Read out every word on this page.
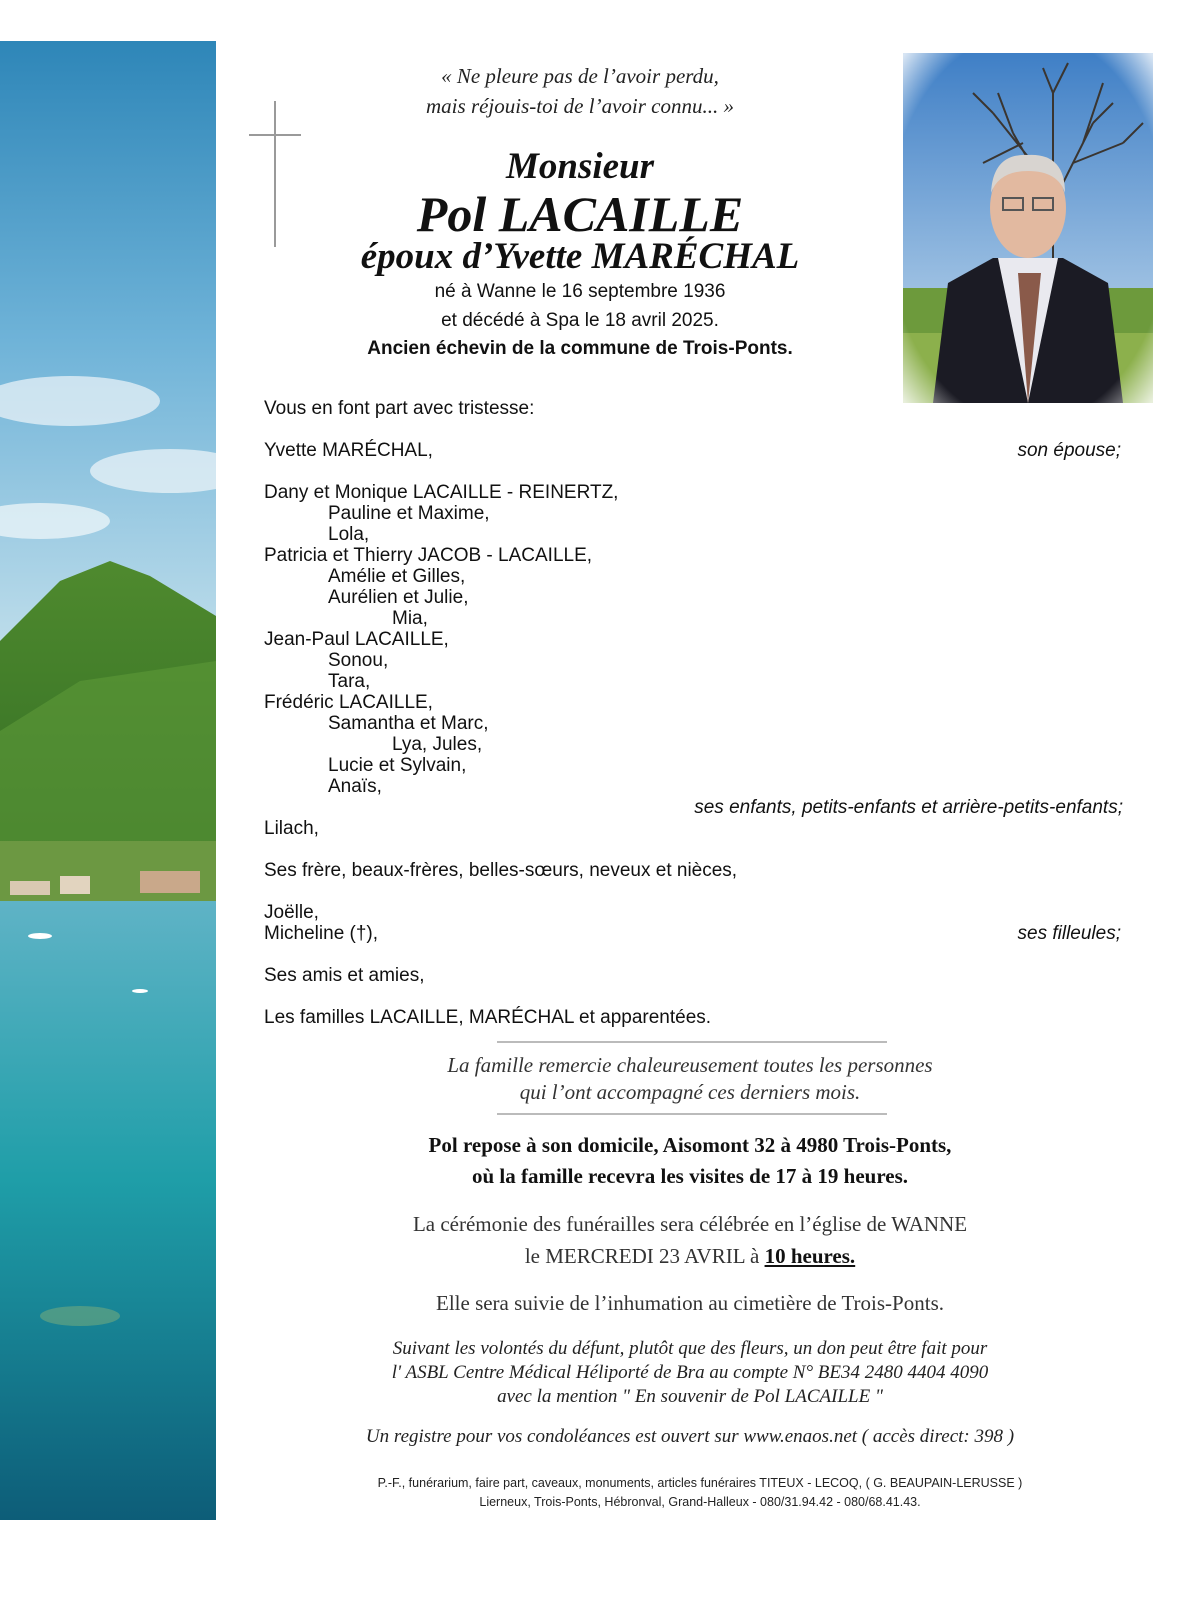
« Ne pleure pas de l’avoir perdu,
mais réjouis-toi de l’avoir connu... »
Monsieur
Pol LACAILLE
époux d’Yvette MARÉCHAL
né à Wanne le 16 septembre 1936
et décédé à Spa le 18 avril 2025.
Ancien échevin de la commune de Trois-Ponts.
Vous en font part avec tristesse:
Yvette MARÉCHAL,	son épouse;
Dany et Monique LACAILLE - REINERTZ,
Pauline et Maxime,
Lola,
Patricia et Thierry JACOB - LACAILLE,
Amélie et Gilles,
Aurélien et Julie,
Mia,
Jean-Paul LACAILLE,
Sonou,
Tara,
Frédéric LACAILLE,
Samantha et Marc,
Lya, Jules,
Lucie et Sylvain,
Anaïs,
ses enfants, petits-enfants et arrière-petits-enfants;
Lilach,
Ses frère, beaux-frères, belles-sœurs, neveux et nièces,
Joëlle,
Micheline (†),	ses filleules;
Ses amis et amies,
Les familles LACAILLE, MARÉCHAL et apparentées.
La famille remercie chaleureusement toutes les personnes
qui l’ont accompagné ces derniers mois.
Pol repose à son domicile, Aisomont 32 à 4980 Trois-Ponts,
où la famille recevra les visites de 17 à 19 heures.
La cérémonie des funérailles sera célébrée en l’église de WANNE
le MERCREDI 23 AVRIL à 10 heures.
Elle sera suivie de l’inhumation au cimetière de Trois-Ponts.
Suivant les volontés du défunt, plutôt que des fleurs, un don peut être fait pour
l' ASBL Centre Médical Héliporté de Bra au compte N° BE34 2480 4404 4090
avec la mention " En souvenir de Pol LACAILLE "
Un registre pour vos condoléances est ouvert sur www.enaos.net ( accès direct: 398 )
P.-F., funérarium, faire part, caveaux, monuments, articles funéraires TITEUX - LECOQ, ( G. BEAUPAIN-LERUSSE )
Lierneux, Trois-Ponts, Hébronval, Grand-Halleux - 080/31.94.42 - 080/68.41.43.
